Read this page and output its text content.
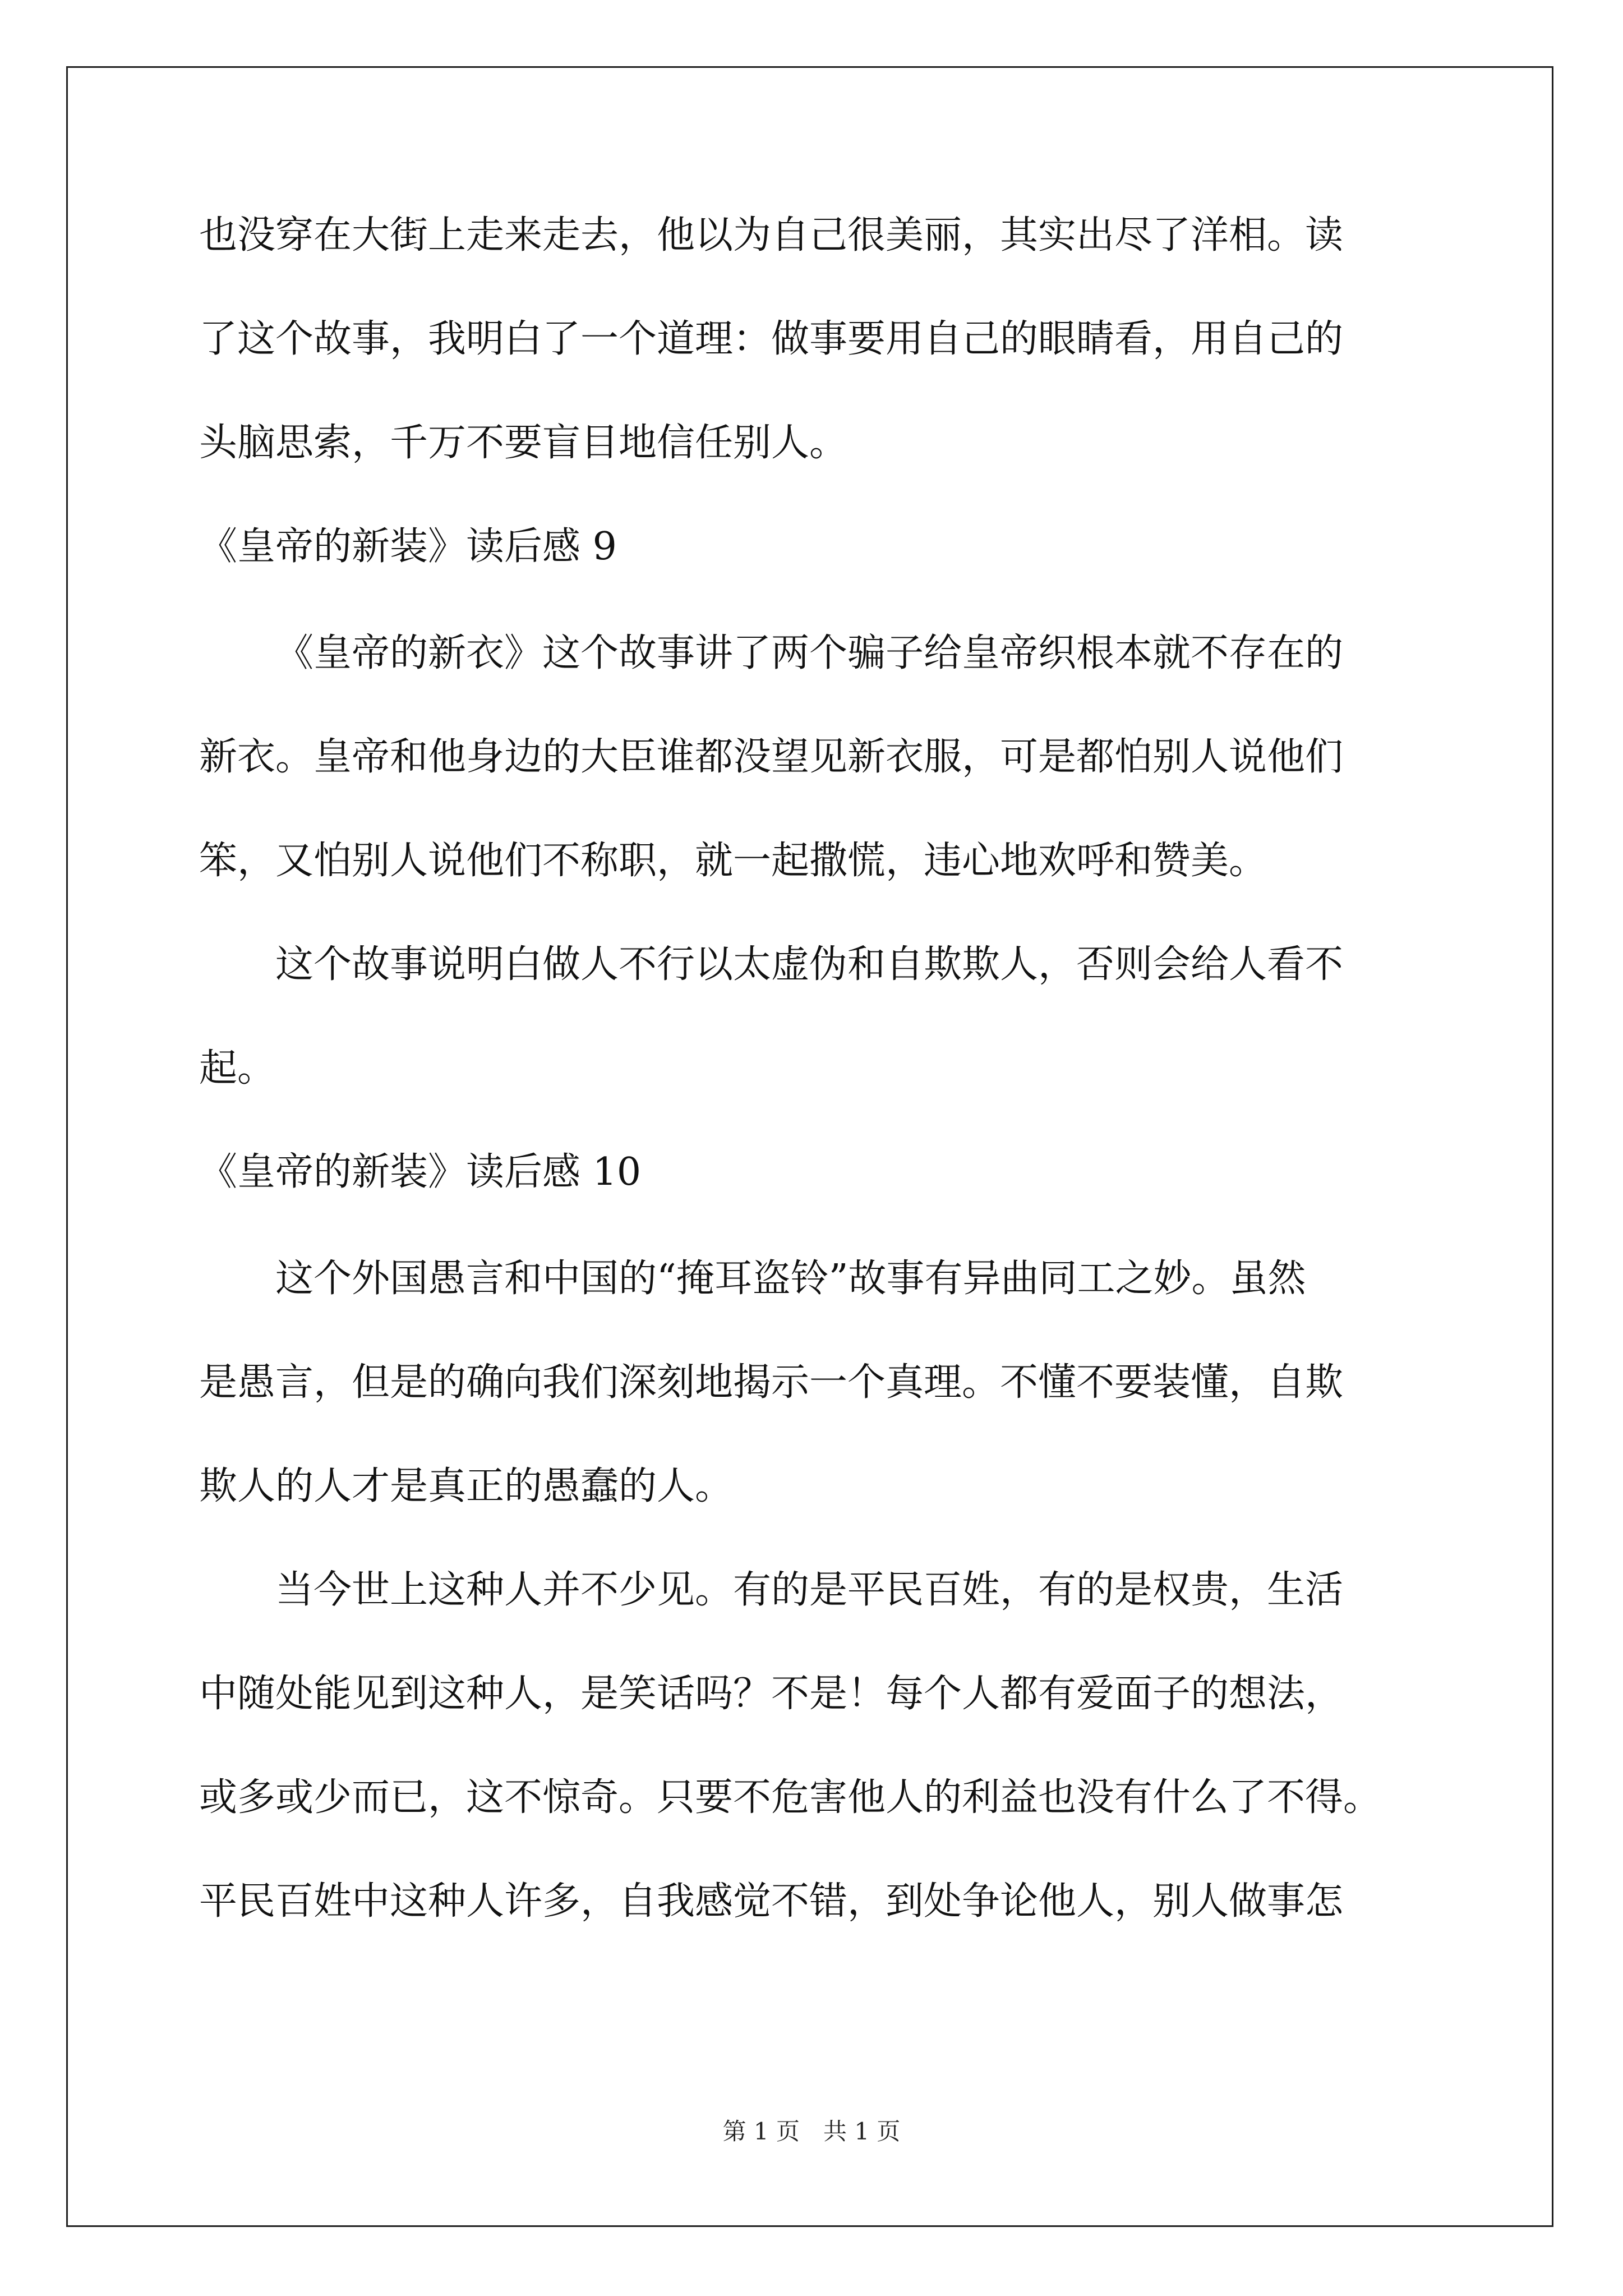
也没穿在大街上走来走去，他以为自己很美丽，其实出尽了洋相。读
了这个故事，我明白了一个道理：做事要用自己的眼睛看，用自己的
头脑思索，千万不要盲目地信任别人。
《皇帝的新装》读后感 9
《皇帝的新衣》这个故事讲了两个骗子给皇帝织根本就不存在的
新衣。皇帝和他身边的大臣谁都没望见新衣服，可是都怕别人说他们
笨，又怕别人说他们不称职，就一起撒慌，违心地欢呼和赞美。
这个故事说明白做人不行以太虚伪和自欺欺人，否则会给人看不
起。
《皇帝的新装》读后感 10
这个外国愚言和中国的“掩耳盗铃”故事有异曲同工之妙。虽然
是愚言，但是的确向我们深刻地揭示一个真理。不懂不要装懂，自欺
欺人的人才是真正的愚蠢的人。
当今世上这种人并不少见。有的是平民百姓，有的是权贵，生活
中随处能见到这种人，是笑话吗？不是！每个人都有爱面子的想法，
或多或少而已，这不惊奇。只要不危害他人的利益也没有什么了不得。
平民百姓中这种人许多，自我感觉不错，到处争论他人，别人做事怎
第 1 页　共 1 页
